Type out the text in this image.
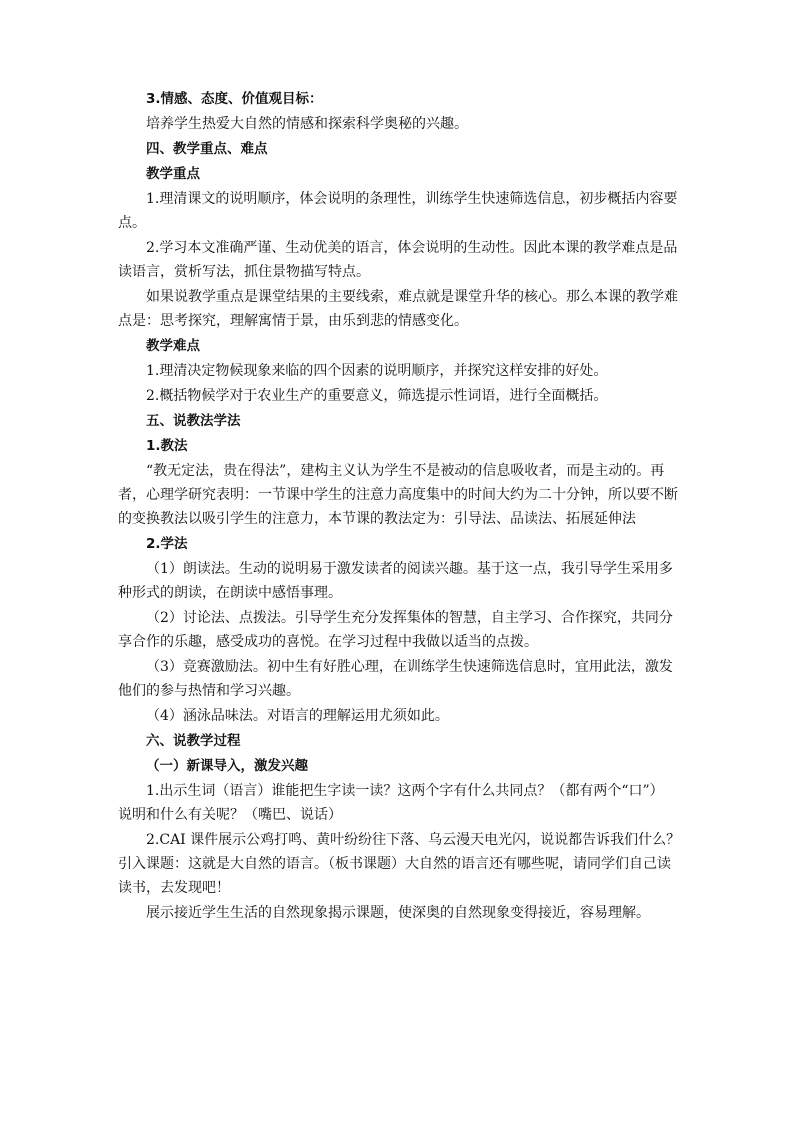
3.情感、态度、价值观目标：
培养学生热爱大自然的情感和探索科学奥秘的兴趣。
四、教学重点、难点
教学重点
1.理清课文的说明顺序，体会说明的条理性，训练学生快速筛选信息，初步概括内容要
点。
2.学习本文准确严谨、生动优美的语言，体会说明的生动性。因此本课的教学难点是品
读语言，赏析写法，抓住景物描写特点。
如果说教学重点是课堂结果的主要线索，难点就是课堂升华的核心。那么本课的教学难
点是：思考探究，理解寓情于景，由乐到悲的情感变化。
教学难点
1.理清决定物候现象来临的四个因素的说明顺序，并探究这样安排的好处。
2.概括物候学对于农业生产的重要意义，筛选提示性词语，进行全面概括。
五、说教法学法
1.教法
“教无定法，贵在得法”，建构主义认为学生不是被动的信息吸收者，而是主动的。再
者，心理学研究表明：一节课中学生的注意力高度集中的时间大约为二十分钟，所以要不断
的变换教法以吸引学生的注意力，本节课的教法定为：引导法、品读法、拓展延伸法
2.学法
（1）朗读法。生动的说明易于激发读者的阅读兴趣。基于这一点，我引导学生采用多
种形式的朗读，在朗读中感悟事理。
（2）讨论法、点拨法。引导学生充分发挥集体的智慧，自主学习、合作探究，共同分
享合作的乐趣，感受成功的喜悦。在学习过程中我做以适当的点拨。
（3）竞赛激励法。初中生有好胜心理，在训练学生快速筛选信息时，宜用此法，激发
他们的参与热情和学习兴趣。
（4）涵泳品味法。对语言的理解运用尤须如此。
六、说教学过程
（一）新课导入，激发兴趣
1.出示生词（语言）谁能把生字读一读？这两个字有什么共同点？（都有两个“口”）
说明和什么有关呢？（嘴巴、说话）
2.CAI 课件展示公鸡打鸣、黄叶纷纷往下落、乌云漫天电光闪，说说都告诉我们什么？
引入课题：这就是大自然的语言。（板书课题）大自然的语言还有哪些呢，请同学们自己读
读书，去发现吧！
展示接近学生生活的自然现象揭示课题，使深奥的自然现象变得接近，容易理解。
